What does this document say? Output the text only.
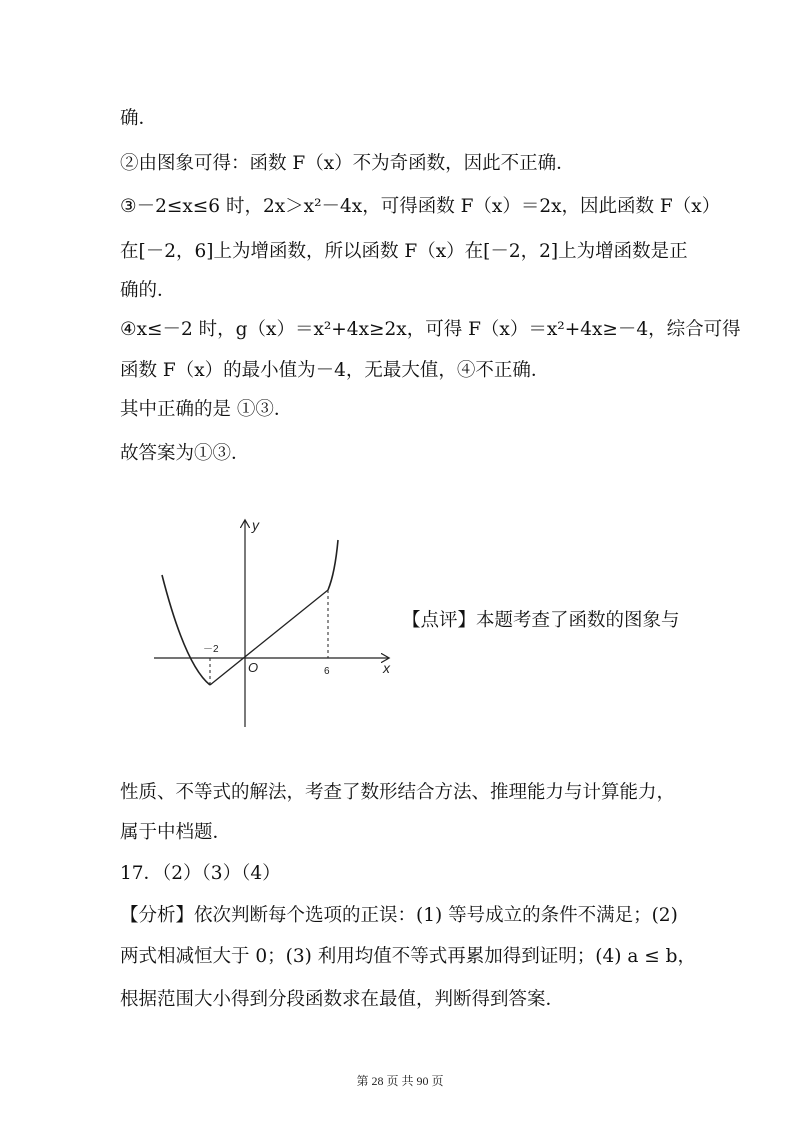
确．
②由图象可得：函数 F（x）不为奇函数，因此不正确．
③－2≤x≤6 时，2x＞x²－4x，可得函数 F（x）＝2x，因此函数 F（x）
在[－2，6]上为增函数，所以函数 F（x）在[－2，2]上为增函数是正
确的．
④x≤－2 时，g（x）＝x²+4x≥2x，可得 F（x）＝x²+4x≥－4，综合可得
函数 F（x）的最小值为－4，无最大值，④不正确．
其中正确的是 ①③．
故答案为①③．
y
x
O
－2
6
【点评】本题考查了函数的图象与
性质、不等式的解法，考查了数形结合方法、推理能力与计算能力，
属于中档题．
17．（2）（3）（4）
【分析】依次判断每个选项的正误：(1) 等号成立的条件不满足；(2)
两式相减恒大于 0；(3) 利用均值不等式再累加得到证明；(4) a ≤ b，
根据范围大小得到分段函数求在最值，判断得到答案．
第 28 页 共 90 页
